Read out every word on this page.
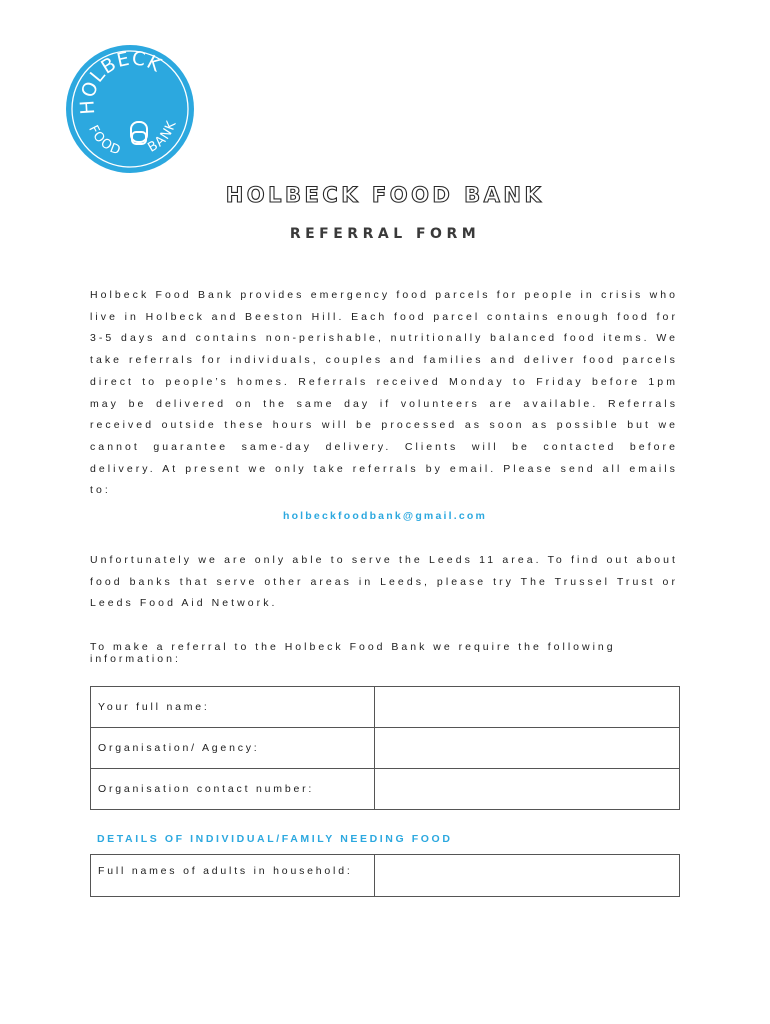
HOLBECK
FOOD BANK
HOLBECK FOOD BANK
REFERRAL FORM

Holbeck Food Bank provides emergency food parcels for people in crisis who live in Holbeck and Beeston Hill. Each food parcel contains enough food for 3-5 days and contains non-perishable, nutritionally balanced food items. We take referrals for individuals, couples and families and deliver food parcels direct to people’s homes. Referrals received Monday to Friday before 1pm may be delivered on the same day if volunteers are available. Referrals received outside these hours will be processed as soon as possible but we cannot guarantee same-day delivery. Clients will be contacted before delivery. At present we only take referrals by email. Please send all emails to:

holbeckfoodbank@gmail.com

Unfortunately we are only able to serve the Leeds 11 area. To find out about food banks that serve other areas in Leeds, please try The Trussel Trust or Leeds Food Aid Network.

To make a referral to the Holbeck Food Bank we require the following information:

Your full name:	
Organisation/ Agency:	
Organisation contact number:	

DETAILS OF INDIVIDUAL/FAMILY NEEDING FOOD

Full names of adults in household:	
